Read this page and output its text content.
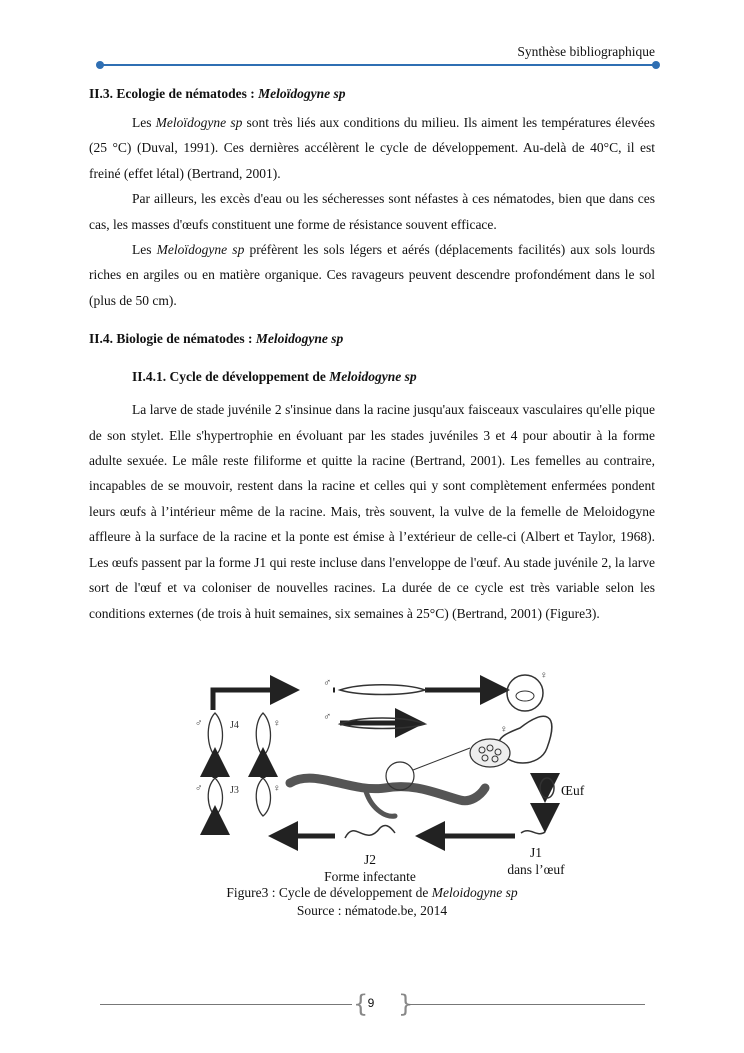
Synthèse bibliographique
II.3. Ecologie de nématodes : Meloïdogyne sp

Les Meloïdogyne sp sont très liés aux conditions du milieu. Ils aiment les températures élevées (25 °C) (Duval, 1991). Ces dernières accélèrent le cycle de développement. Au-delà de 40°C, il est freiné (effet létal) (Bertrand, 2001).

Par ailleurs, les excès d'eau ou les sécheresses sont néfastes à ces nématodes, bien que dans ces cas, les masses d'œufs constituent une forme de résistance souvent efficace.

Les Meloïdogyne sp préfèrent les sols légers et aérés (déplacements facilités) aux sols lourds riches en argiles ou en matière organique. Ces ravageurs peuvent descendre profondément dans le sol (plus de 50 cm).

II.4. Biologie de nématodes : Meloidogyne sp
II.4.1. Cycle de développement de Meloidogyne sp

La larve de stade juvénile 2 s'insinue dans la racine jusqu'aux faisceaux vasculaires qu'elle pique de son stylet. Elle s'hypertrophie en évoluant par les stades juvéniles 3 et 4 pour aboutir à la forme adulte sexuée. Le mâle reste filiforme et quitte la racine (Bertrand, 2001). Les femelles au contraire, incapables de se mouvoir, restent dans la racine et celles qui y sont complètement enfermées pondent leurs œufs à l’intérieur même de la racine. Mais, très souvent, la vulve de la femelle de Meloidogyne affleure à la surface de la racine et la ponte est émise à l’extérieur de celle-ci (Albert et Taylor, 1968). Les œufs passent par la forme J1 qui reste incluse dans l'enveloppe de l'œuf. Au stade juvénile 2, la larve sort de l'œuf et va coloniser de nouvelles racines. La durée de ce cycle est très variable selon les conditions externes (de trois à huit semaines, six semaines à 25°C) (Bertrand, 2001) (Figure3).

♂
♀
♂
♀
J4
♂	♀
J3
♂	♀	Œuf
J1
dans l’œuf
J2
Forme infectante
Figure3 : Cycle de développement de Meloidogyne sp
Source : nématode.be, 2014
{ 9 }
